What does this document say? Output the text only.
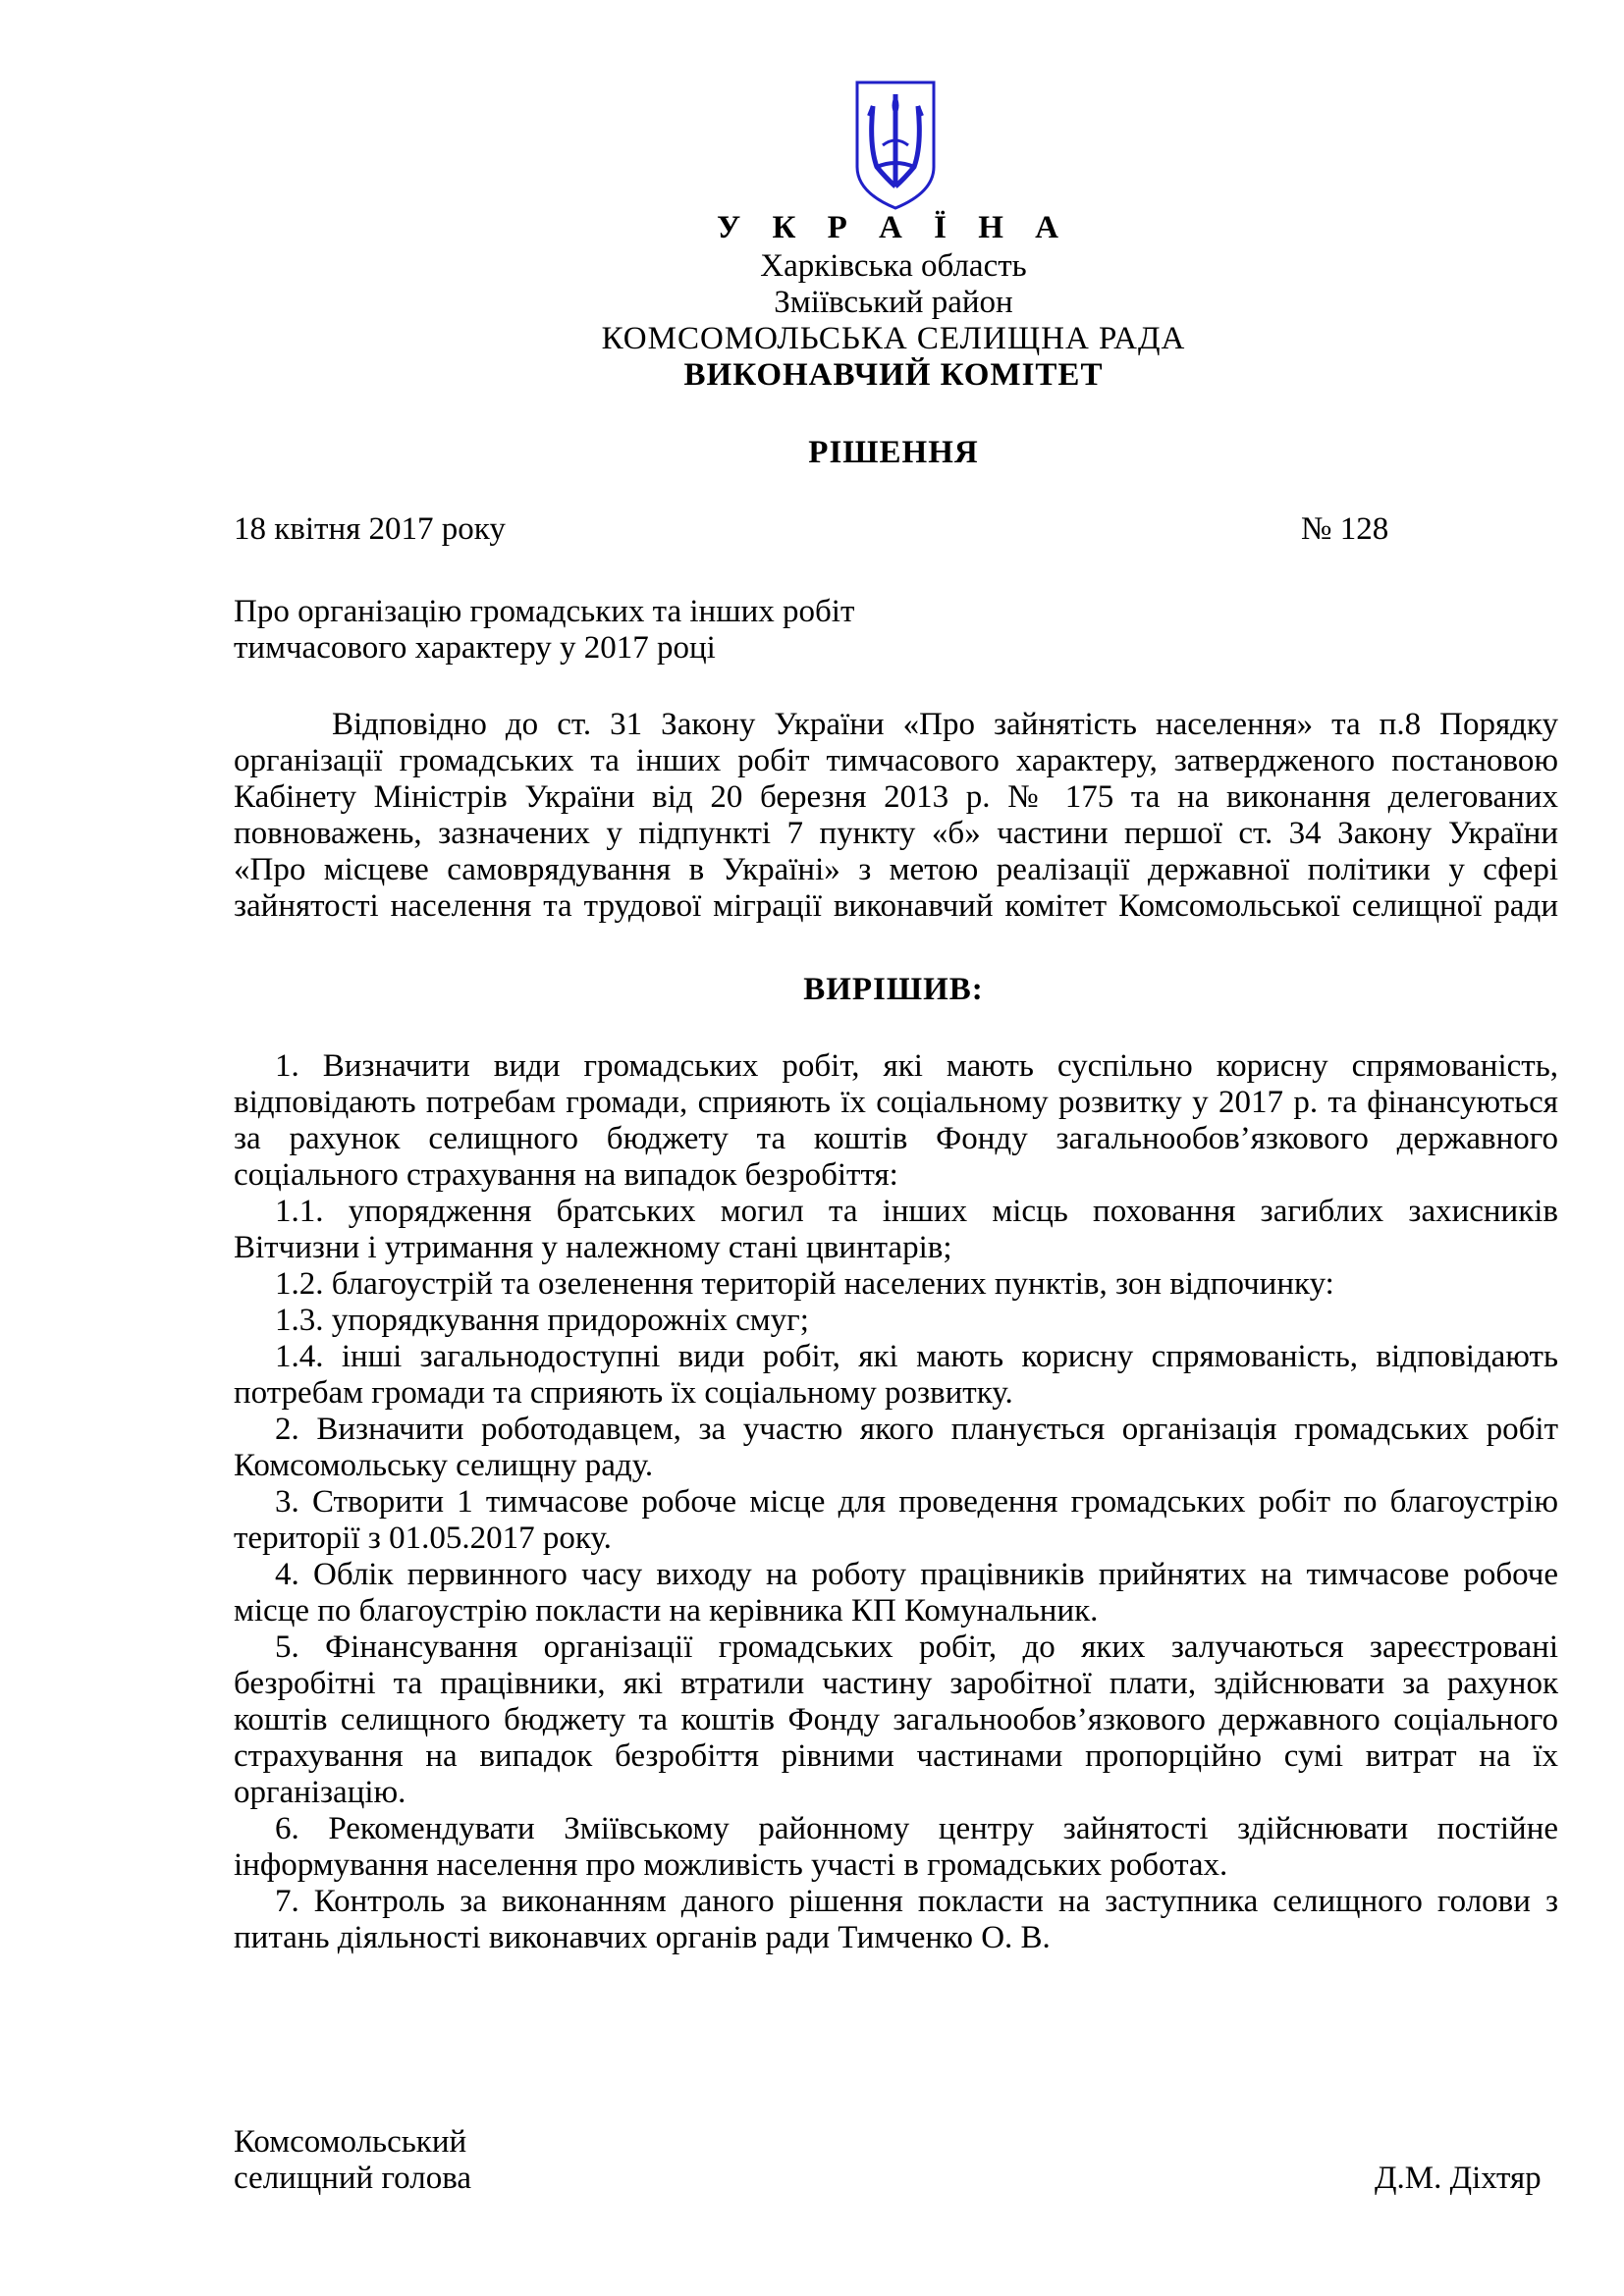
У К Р А Ї Н А
Харківська область
Зміївський район
КОМСОМОЛЬСЬКА СЕЛИЩНА РАДА
ВИКОНАВЧИЙ КОМІТЕТ
РІШЕННЯ
18 квітня 2017 року	№ 128
Про організацію громадських та інших робіт
тимчасового характеру у 2017 році
Відповідно до ст. 31 Закону України «Про зайнятість населення» та п.8 Порядку
організації громадських та інших робіт тимчасового характеру, затвердженого постановою
Кабінету Міністрів України від 20 березня 2013 р. № 175 та на виконання делегованих
повноважень, зазначених у підпункті 7 пункту «б» частини першої ст. 34 Закону України
«Про місцеве самоврядування в Україні» з метою реалізації державної політики у сфері
зайнятості населення та трудової міграції виконавчий комітет Комсомольської селищної ради
ВИРІШИВ:
1. Визначити види громадських робіт, які мають суспільно корисну спрямованість,
відповідають потребам громади, сприяють їх соціальному розвитку у 2017 р. та фінансуються
за рахунок селищного бюджету та коштів Фонду загальнообов’язкового державного
соціального страхування на випадок безробіття:
1.1. упорядження братських могил та інших місць поховання загиблих захисників
Вітчизни і утримання у належному стані цвинтарів;
1.2. благоустрій та озеленення територій населених пунктів, зон відпочинку:
1.3. упорядкування придорожніх смуг;
1.4. інші загальнодоступні види робіт, які мають корисну спрямованість, відповідають
потребам громади та сприяють їх соціальному розвитку.
2. Визначити роботодавцем, за участю якого планується організація громадських робіт
Комсомольську селищну раду.
3. Створити 1 тимчасове робоче місце для проведення громадських робіт по благоустрію
території з 01.05.2017 року.
4. Облік первинного часу виходу на роботу працівників прийнятих на тимчасове робоче
місце по благоустрію покласти на керівника КП Комунальник.
5. Фінансування організації громадських робіт, до яких залучаються зареєстровані
безробітні та працівники, які втратили частину заробітної плати, здійснювати за рахунок
коштів селищного бюджету та коштів Фонду загальнообов’язкового державного соціального
страхування на випадок безробіття рівними частинами пропорційно сумі витрат на їх
організацію.
6. Рекомендувати Зміївському районному центру зайнятості здійснювати постійне
інформування населення про можливість участі в громадських роботах.
7. Контроль за виконанням даного рішення покласти на заступника селищного голови з
питань діяльності виконавчих органів ради Тимченко О. В.
Комсомольський
селищний голова	Д.М. Діхтяр
